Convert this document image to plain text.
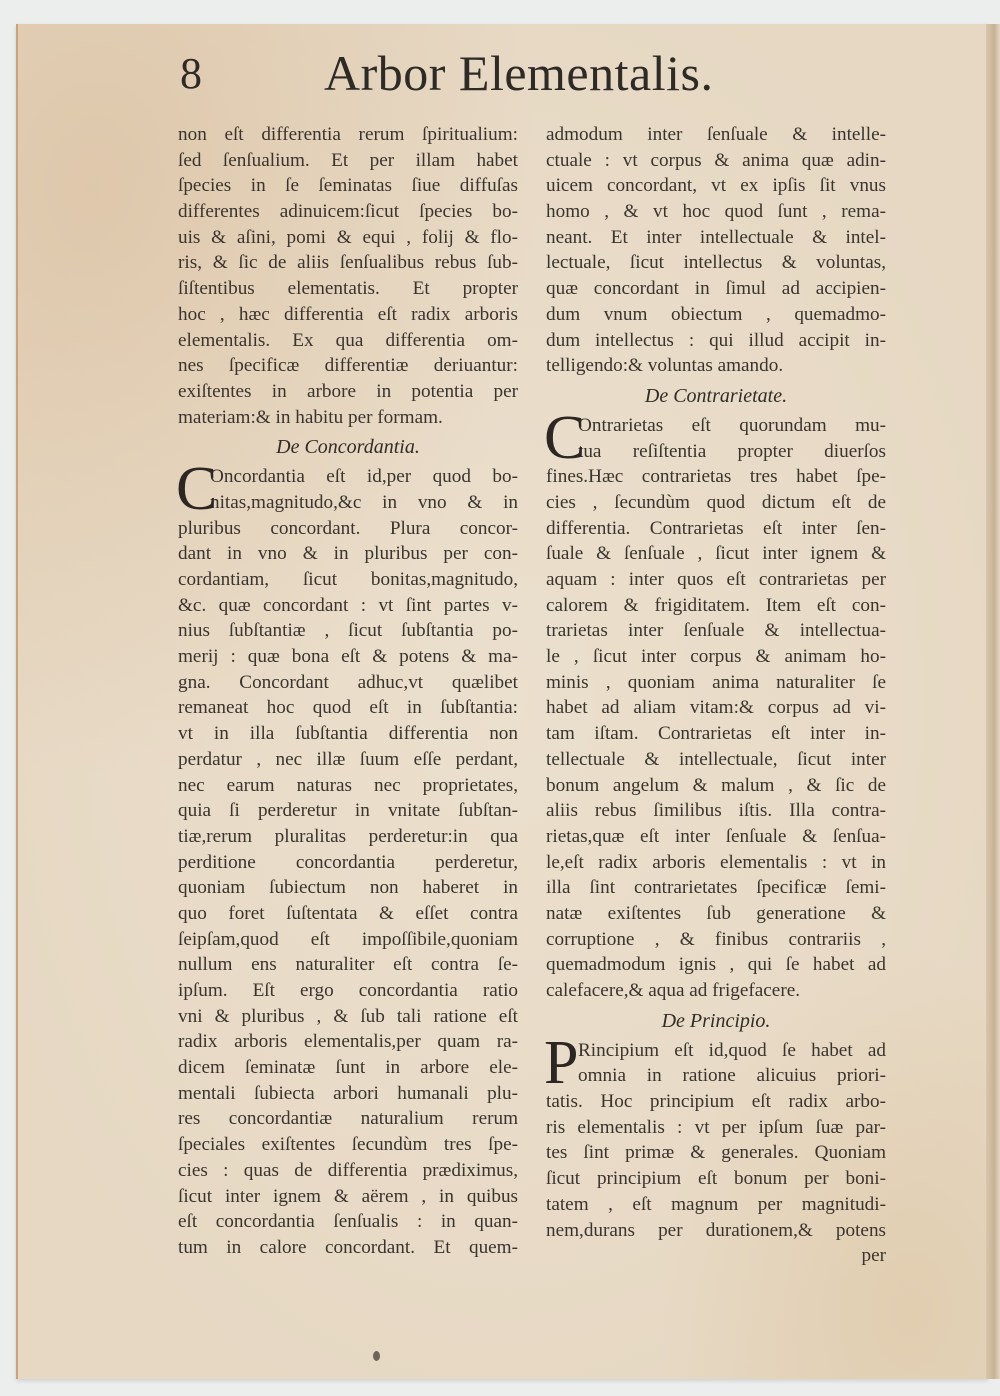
8 Arbor Elementalis.
non eſt differentia rerum ſpiritualium:
ſed ſenſualium. Et per illam habet
ſpecies in ſe ſeminatas ſiue diffuſas
differentes adinuicem:ſicut ſpecies bo-
uis & aſini, pomi & equi , folij & flo-
ris, & ſic de aliis ſenſualibus rebus ſub-
ſiſtentibus elementatis. Et propter
hoc , hæc differentia eſt radix arboris
elementalis. Ex qua differentia om-
nes ſpecificæ differentiæ deriuantur:
exiſtentes in arbore in potentia per
materiam:& in habitu per formam.
De Concordantia.
C
Oncordantia eſt id,per quod bo-
nitas,magnitudo,&c in vno & in
pluribus concordant. Plura concor-
dant in vno & in pluribus per con-
cordantiam, ſicut bonitas,magnitudo,
&c. quæ concordant : vt ſint partes v-
nius ſubſtantiæ , ſicut ſubſtantia po-
merij : quæ bona eſt & potens & ma-
gna. Concordant adhuc,vt quælibet
remaneat hoc quod eſt in ſubſtantia:
vt in illa ſubſtantia differentia non
perdatur , nec illæ ſuum eſſe perdant,
nec earum naturas nec proprietates,
quia ſi perderetur in vnitate ſubſtan-
tiæ,rerum pluralitas perderetur:in qua
perditione concordantia perderetur,
quoniam ſubiectum non haberet in
quo foret ſuſtentata & eſſet contra
ſeipſam,quod eſt impoſſibile,quoniam
nullum ens naturaliter eſt contra ſe-
ipſum. Eſt ergo concordantia ratio
vni & pluribus , & ſub tali ratione eſt
radix arboris elementalis,per quam ra-
dicem ſeminatæ ſunt in arbore ele-
mentali ſubiecta arbori humanali plu-
res concordantiæ naturalium rerum
ſpeciales exiſtentes ſecundùm tres ſpe-
cies : quas de differentia prædiximus,
ſicut inter ignem & aërem , in quibus
eſt concordantia ſenſualis : in quan-
tum in calore concordant. Et quem-
admodum inter ſenſuale & intelle-
ctuale : vt corpus & anima quæ adin-
uicem concordant, vt ex ipſis ſit vnus
homo , & vt hoc quod ſunt , rema-
neant. Et inter intellectuale & intel-
lectuale, ſicut intellectus & voluntas,
quæ concordant in ſimul ad accipien-
dum vnum obiectum , quemadmo-
dum intellectus : qui illud accipit in-
telligendo:& voluntas amando.
De Contrarietate.
C
Ontrarietas eſt quorundam mu-
tua reſiſtentia propter diuerſos
fines.Hæc contrarietas tres habet ſpe-
cies , ſecundùm quod dictum eſt de
differentia. Contrarietas eſt inter ſen-
ſuale & ſenſuale , ſicut inter ignem &
aquam : inter quos eſt contrarietas per
calorem & frigiditatem. Item eſt con-
trarietas inter ſenſuale & intellectua-
le , ſicut inter corpus & animam ho-
minis , quoniam anima naturaliter ſe
habet ad aliam vitam:& corpus ad vi-
tam iſtam. Contrarietas eſt inter in-
tellectuale & intellectuale, ſicut inter
bonum angelum & malum , & ſic de
aliis rebus ſimilibus iſtis. Illa contra-
rietas,quæ eſt inter ſenſuale & ſenſua-
le,eſt radix arboris elementalis : vt in
illa ſint contrarietates ſpecificæ ſemi-
natæ exiſtentes ſub generatione &
corruptione , & finibus contrariis ,
quemadmodum ignis , qui ſe habet ad
calefacere,& aqua ad frigefacere.
De Principio.
P Rincipium eſt id,quod ſe habet ad
omnia in ratione alicuius priori-
tatis. Hoc principium eſt radix arbo-
ris elementalis : vt per ipſum ſuæ par-
tes ſint primæ & generales. Quoniam
ſicut principium eſt bonum per boni-
tatem , eſt magnum per magnitudi-
nem,durans per durationem,& potens
per
